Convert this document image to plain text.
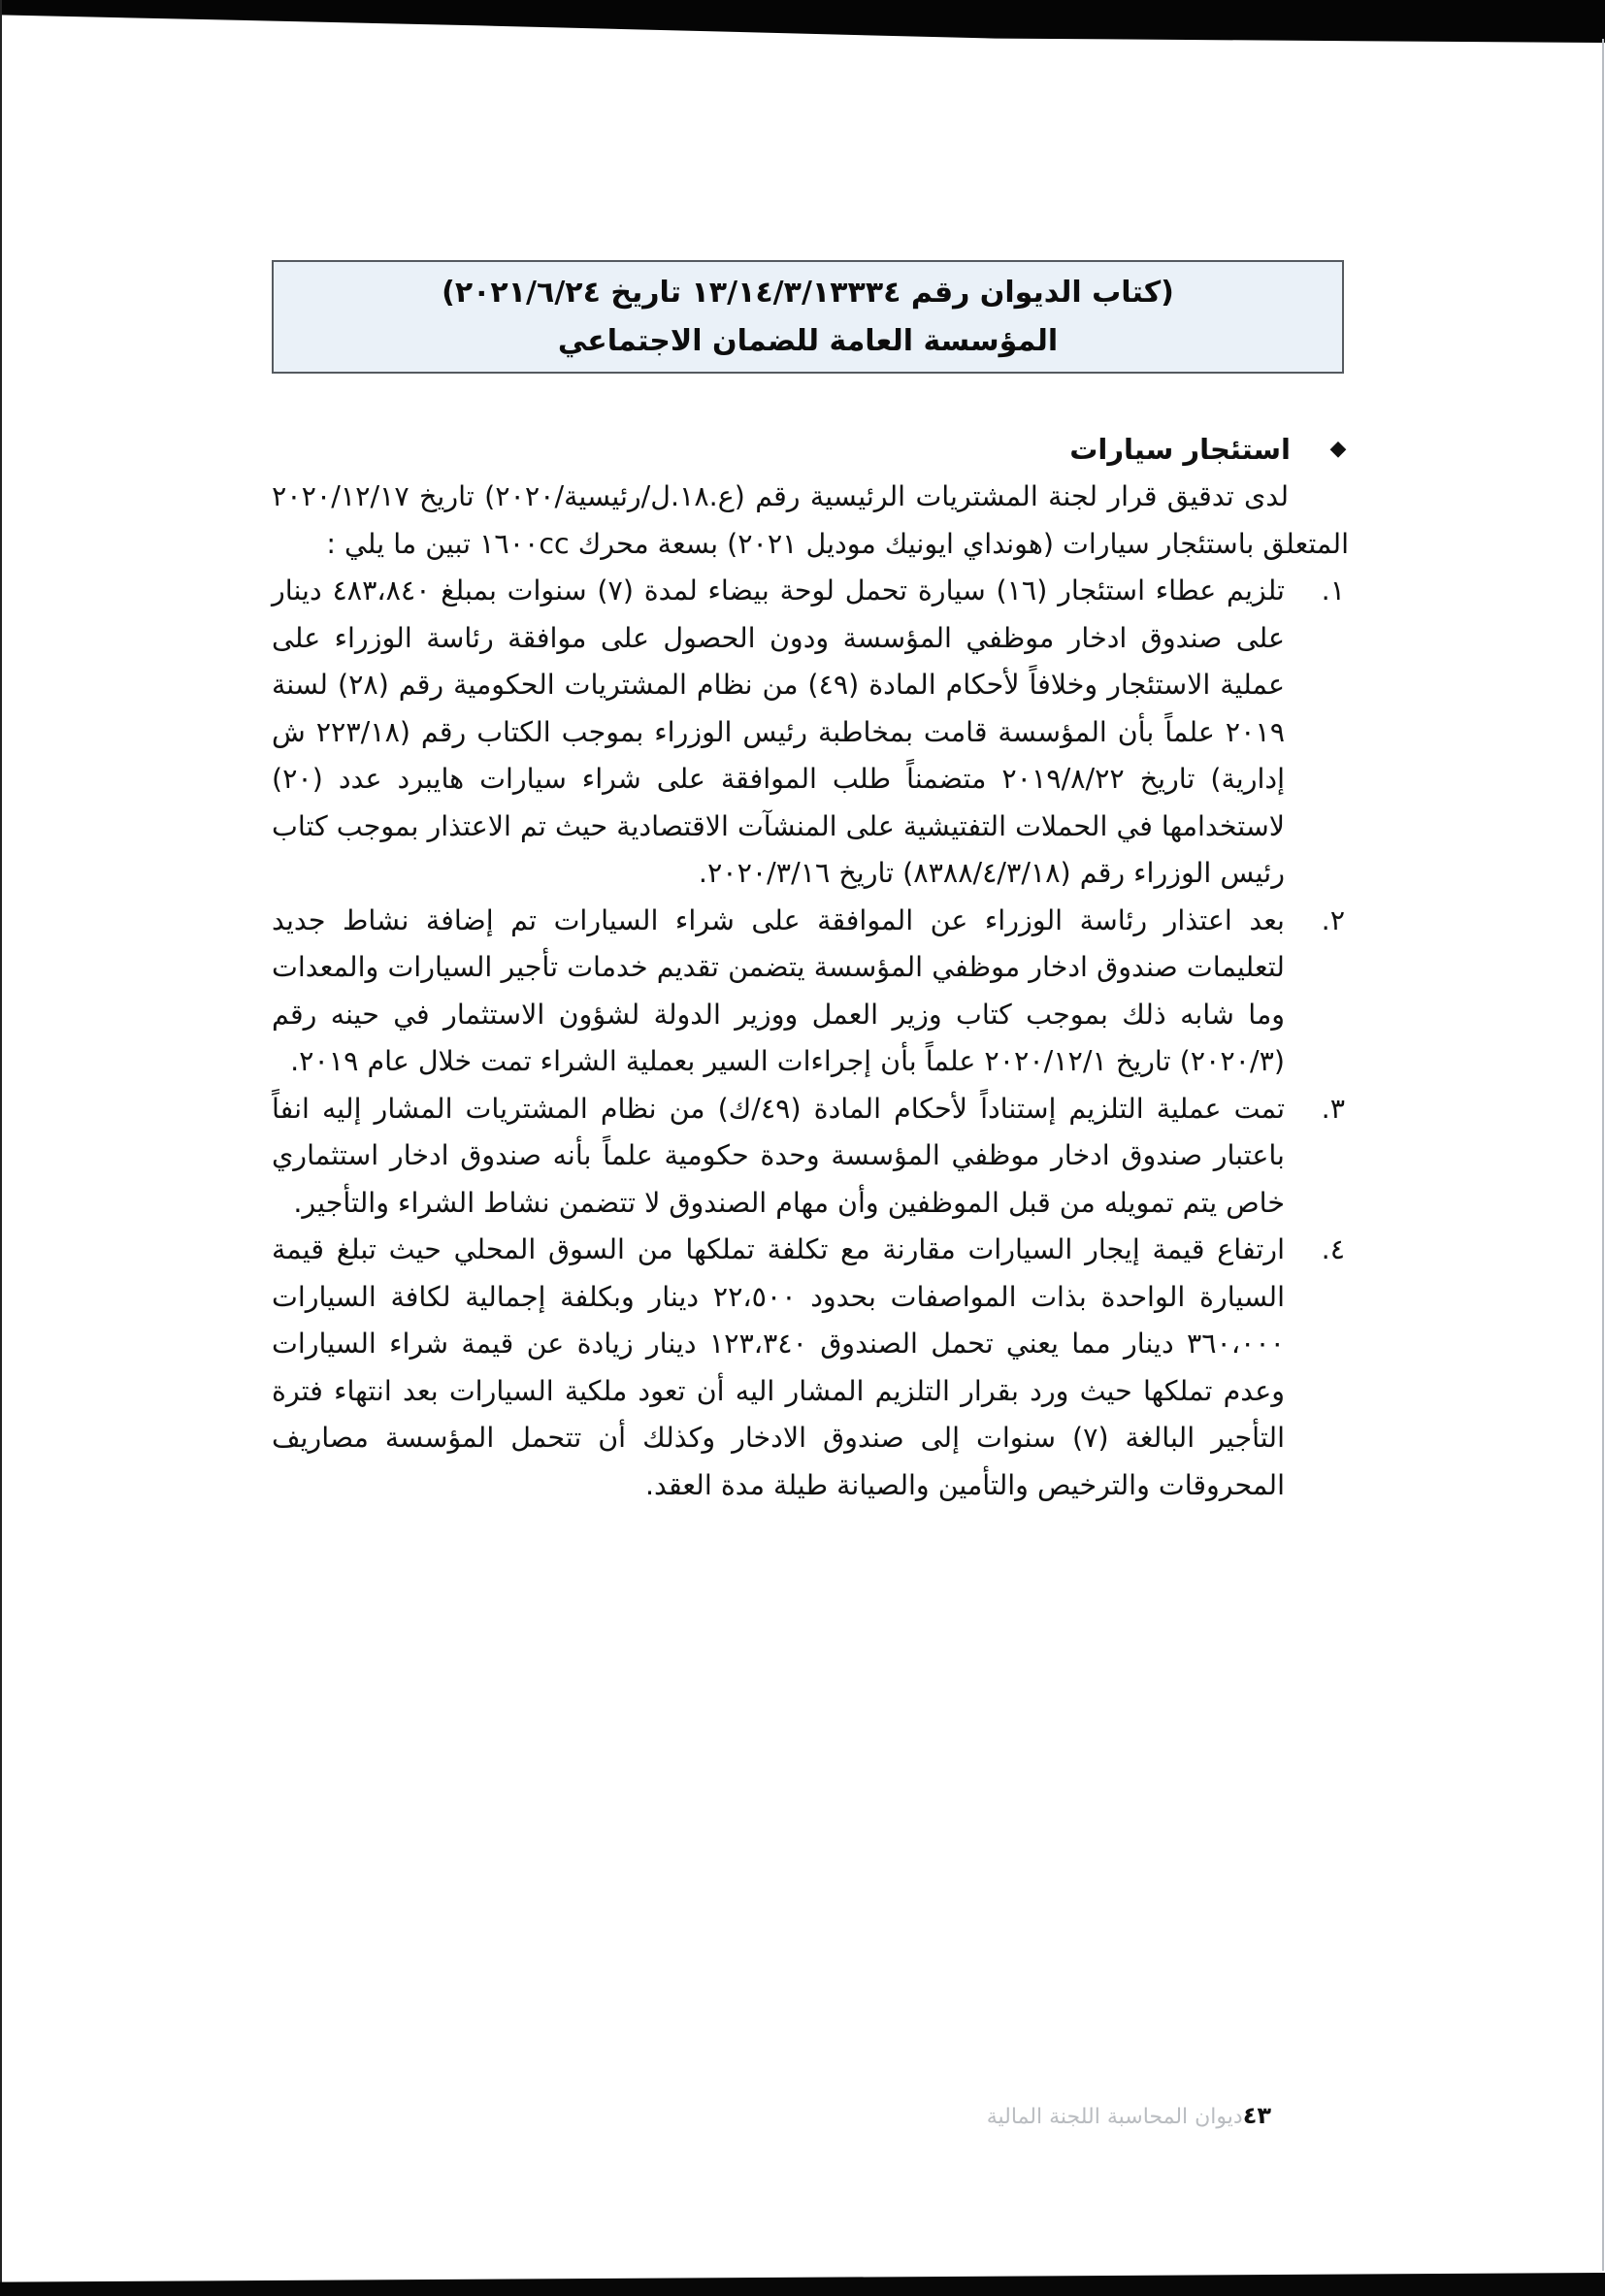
(كتاب الديوان رقم ١٣/١٤/٣/١٣٣٣٤ تاريخ ٢٠٢١/٦/٢٤)
المؤسسة العامة للضمان الاجتماعي
◆
استئجار سيارات
لدى تدقيق قرار لجنة المشتريات الرئيسية رقم (ع.١٨.ل/رئيسية/٢٠٢٠) تاريخ ٢٠٢٠/١٢/١٧ المتعلق باستئجار سيارات (هونداي ايونيك موديل ٢٠٢١) بسعة محرك ١٦٠٠cc تبين ما يلي :
١.
تلزيم عطاء استئجار (١٦) سيارة تحمل لوحة بيضاء لمدة (٧) سنوات بمبلغ ٤٨٣،٨٤٠ دينار على صندوق ادخار موظفي المؤسسة ودون الحصول على موافقة رئاسة الوزراء على عملية الاستئجار وخلافاً لأحكام المادة (٤٩) من نظام المشتريات الحكومية رقم (٢٨) لسنة ٢٠١٩ علماً بأن المؤسسة قامت بمخاطبة رئيس الوزراء بموجب الكتاب رقم (٢٢٣/١٨ ش إدارية) تاريخ ٢٠١٩/٨/٢٢ متضمناً طلب الموافقة على شراء سيارات هايبرد عدد (٢٠) لاستخدامها في الحملات التفتيشية على المنشآت الاقتصادية حيث تم الاعتذار بموجب كتاب رئيس الوزراء رقم (٨٣٨٨/٤/٣/١٨) تاريخ ٢٠٢٠/٣/١٦.
٢.
بعد اعتذار رئاسة الوزراء عن الموافقة على شراء السيارات تم إضافة نشاط جديد لتعليمات صندوق ادخار موظفي المؤسسة يتضمن تقديم خدمات تأجير السيارات والمعدات وما شابه ذلك بموجب كتاب وزير العمل ووزير الدولة لشؤون الاستثمار في حينه رقم (٢٠٢٠/٣) تاريخ ٢٠٢٠/١٢/١ علماً بأن إجراءات السير بعملية الشراء تمت خلال عام ٢٠١٩.
٣.
تمت عملية التلزيم إستناداً لأحكام المادة (٤٩/ك) من نظام المشتريات المشار إليه انفاً باعتبار صندوق ادخار موظفي المؤسسة وحدة حكومية علماً بأنه صندوق ادخار استثماري خاص يتم تمويله من قبل الموظفين وأن مهام الصندوق لا تتضمن نشاط الشراء والتأجير.
٤.
ارتفاع قيمة إيجار السيارات مقارنة مع تكلفة تملكها من السوق المحلي حيث تبلغ قيمة السيارة الواحدة بذات المواصفات بحدود ٢٢،٥٠٠ دينار وبكلفة إجمالية لكافة السيارات ٣٦٠،٠٠٠ دينار مما يعني تحمل الصندوق ١٢٣،٣٤٠ دينار زيادة عن قيمة شراء السيارات وعدم تملكها حيث ورد بقرار التلزيم المشار اليه أن تعود ملكية السيارات بعد انتهاء فترة التأجير البالغة (٧) سنوات إلى صندوق الادخار وكذلك أن تتحمل المؤسسة مصاريف المحروقات والترخيص والتأمين والصيانة طيلة مدة العقد.
٤٣ديوان المحاسبة اللجنة المالية
